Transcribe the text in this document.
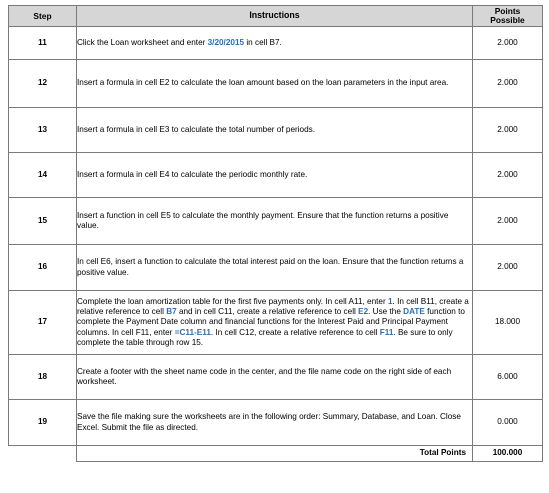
Step	Instructions	Points
Possible

11	Click the Loan worksheet and enter 3/20/2015 in cell B7.	2.000
12	Insert a formula in cell E2 to calculate the loan amount based on the loan parameters in the input area.	2.000
13	Insert a formula in cell E3 to calculate the total number of periods.	2.000
14	Insert a formula in cell E4 to calculate the periodic monthly rate.	2.000
15	Insert a function in cell E5 to calculate the monthly payment. Ensure that the function returns a positive value.	2.000
16	In cell E6, insert a function to calculate the total interest paid on the loan. Ensure that the function returns a positive value.	2.000
17	Complete the loan amortization table for the first five payments only. In cell A11, enter 1. In cell B11, create a relative reference to cell B7 and in cell C11, create a relative reference to cell E2. Use the DATE function to complete the Payment Date column and financial functions for the Interest Paid and Principal Payment columns. In cell F11, enter =C11-E11. In cell C12, create a relative reference to cell F11. Be sure to only complete the table through row 15.	18.000
18	Create a footer with the sheet name code in the center, and the file name code on the right side of each worksheet.	6.000
19	Save the file making sure the worksheets are in the following order: Summary, Database, and Loan. Close Excel. Submit the file as directed.	0.000
	Total Points	100.000
